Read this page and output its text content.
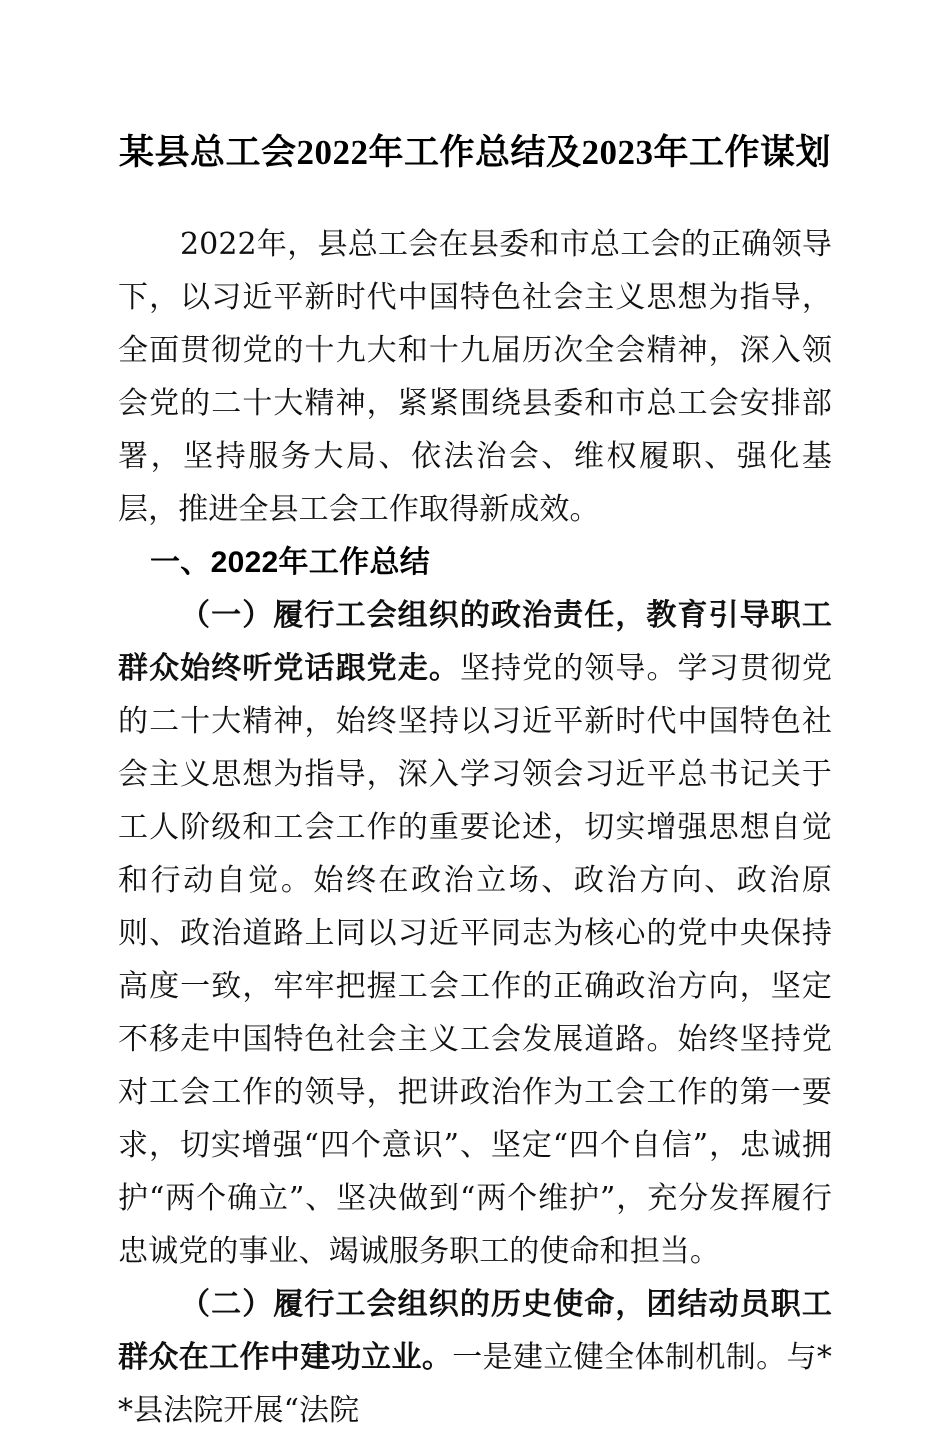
某县总工会2022年工作总结及2023年工作谋划

2022年，县总工会在县委和市总工会的正确领导下，以习近平新时代中国特色社会主义思想为指导，全面贯彻党的十九大和十九届历次全会精神，深入领会党的二十大精神，紧紧围绕县委和市总工会安排部署，坚持服务大局、依法治会、维权履职、强化基层，推进全县工会工作取得新成效。

一、2022年工作总结

（一）履行工会组织的政治责任，教育引导职工群众始终听党话跟党走。坚持党的领导。学习贯彻党的二十大精神，始终坚持以习近平新时代中国特色社会主义思想为指导，深入学习领会习近平总书记关于工人阶级和工会工作的重要论述，切实增强思想自觉和行动自觉。始终在政治立场、政治方向、政治原则、政治道路上同以习近平同志为核心的党中央保持高度一致，牢牢把握工会工作的正确政治方向，坚定不移走中国特色社会主义工会发展道路。始终坚持党对工会工作的领导，把讲政治作为工会工作的第一要求，切实增强“四个意识”、坚定“四个自信”，忠诚拥护“两个确立”、坚决做到“两个维护”，充分发挥履行忠诚党的事业、竭诚服务职工的使命和担当。

（二）履行工会组织的历史使命，团结动员职工群众在工作中建功立业。一是建立健全体制机制。与**县法院开展“法院
